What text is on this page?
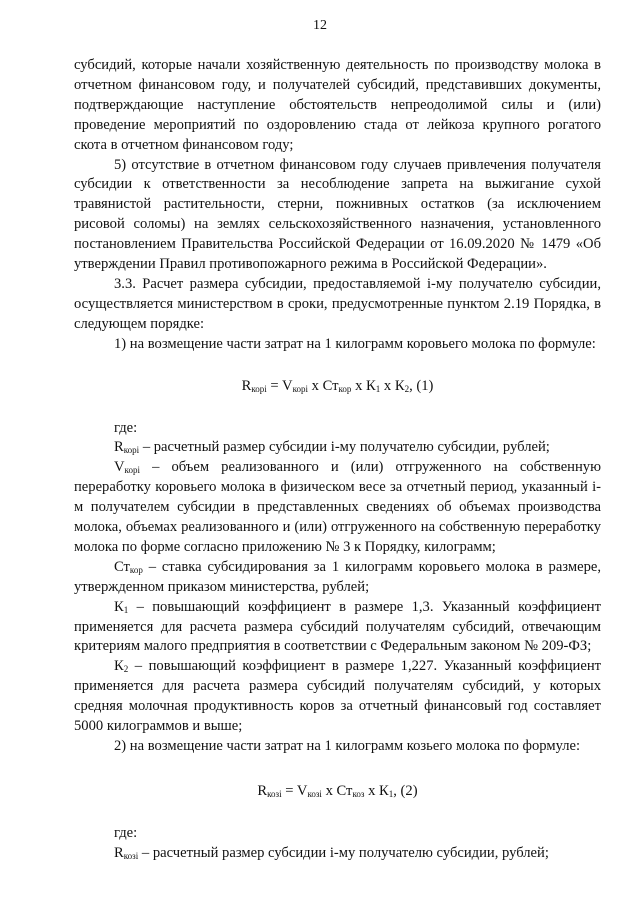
12

субсидий, которые начали хозяйственную деятельность по производству молока в отчетном финансовом году, и получателей субсидий, представивших документы, подтверждающие наступление обстоятельств непреодолимой силы и (или) проведение мероприятий по оздоровлению стада от лейкоза крупного рогатого скота в отчетном финансовом году;

5) отсутствие в отчетном финансовом году случаев привлечения получателя субсидии к ответственности за несоблюдение запрета на выжигание сухой травянистой растительности, стерни, пожнивных остатков (за исключением рисовой соломы) на землях сельскохозяйственного назначения, установленного постановлением Правительства Российской Федерации от 16.09.2020 № 1479 «Об утверждении Правил противопожарного режима в Российской Федерации».

3.3. Расчет размера субсидии, предоставляемой i-му получателю субсидии, осуществляется министерством в сроки, предусмотренные пунктом 2.19 Порядка, в следующем порядке:

1) на возмещение части затрат на 1 килограмм коровьего молока по формуле:

$R_{корi} = V_{корi}$ х $Ст_{кор}$ х $К_1$ х $К_2$, (1)

где:

$R_{корi}$ – расчетный размер субсидии i-му получателю субсидии, рублей;

$V_{корi}$ – объем реализованного и (или) отгруженного на собственную переработку коровьего молока в физическом весе за отчетный период, указанный i-м получателем субсидии в представленных сведениях об объемах производства молока, объемах реализованного и (или) отгруженного на собственную переработку молока по форме согласно приложению № 3 к Порядку, килограмм;

$Ст_{кор}$ – ставка субсидирования за 1 килограмм коровьего молока в размере, утвержденном приказом министерства, рублей;

$К_1$ – повышающий коэффициент в размере 1,3. Указанный коэффициент применяется для расчета размера субсидий получателям субсидий, отвечающим критериям малого предприятия в соответствии с Федеральным законом № 209-ФЗ;

$К_2$ – повышающий коэффициент в размере 1,227. Указанный коэффициент применяется для расчета размера субсидий получателям субсидий, у которых средняя молочная продуктивность коров за отчетный финансовый год составляет 5000 килограммов и выше;

2) на возмещение части затрат на 1 килограмм козьего молока по формуле:

$R_{козi} = V_{козi}$ х $Ст_{коз}$ х $К_1$, (2)

где:

$R_{козi}$ – расчетный размер субсидии i-му получателю субсидии, рублей;
